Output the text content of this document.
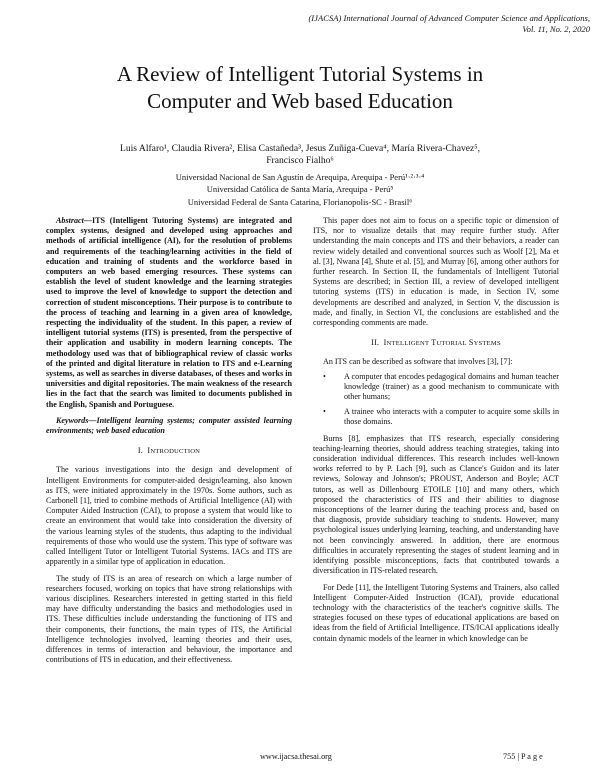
(IJACSA) International Journal of Advanced Computer Science and Applications,
Vol. 11, No. 2, 2020
A Review of Intelligent Tutorial Systems in
Computer and Web based Education
Luis Alfaro¹, Claudia Rivera², Elisa Castañeda³, Jesus Zuñiga-Cueva⁴, María Rivera-Chavez⁵,
Francisco Fialho⁶
Universidad Nacional de San Agustín de Arequipa, Arequipa - Perú¹·²·³·⁴
Universidad Católica de Santa María, Arequipa - Perú⁵
Universidad Federal de Santa Catarina, Florianopolis-SC - Brasil⁶

Abstract—ITS (Intelligent Tutoring Systems) are integrated and complex systems, designed and developed using approaches and methods of artificial intelligence (AI), for the resolution of problems and requirements of the teaching/learning activities in the field of education and training of students and the workforce based in computers an web based emerging resources. These systems can establish the level of student knowledge and the learning strategies used to improve the level of knowledge to support the detection and correction of student misconceptions. Their purpose is to contribute to the process of teaching and learning in a given area of knowledge, respecting the individuality of the student. In this paper, a review of intelligent tutorial systems (ITS) is presented, from the perspective of their application and usability in modern learning concepts. The methodology used was that of bibliographical review of classic works of the printed and digital literature in relation to ITS and e-Learning systems, as well as searches in diverse databases, of theses and works in universities and digital repositories. The main weakness of the research lies in the fact that the search was limited to documents published in the English, Spanish and Portuguese.

Keywords—Intelligent learning systems; computer assisted learning environments; web based education

I. INTRODUCTION

The various investigations into the design and development of Intelligent Environments for computer-aided design/learning, also known as ITS, were initiated approximately in the 1970s. Some authors, such as Carbonell [1], tried to combine methods of Artificial Intelligence (AI) with Computer Aided Instruction (CAI), to propose a system that would like to create an environment that would take into consideration the diversity of the various learning styles of the students, thus adapting to the individual requirements of those who would use the system. This type of software was called Intelligent Tutor or Intelligent Tutorial Systems. IACs and ITS are apparently in a similar type of application in education.

The study of ITS is an area of research on which a large number of researchers focused, working on topics that have strong relationships with various disciplines. Researchers interested in getting started in this field may have difficulty understanding the basics and methodologies used in ITS. These difficulties include understanding the functioning of ITS and their components, their functions, the main types of ITS, the Artificial Intelligence technologies involved, learning theories and their uses, differences in terms of interaction and behaviour, the importance and contributions of ITS in education, and their effectiveness.

This paper does not aim to focus on a specific topic or dimension of ITS, nor to visualize details that may require further study. After understanding the main concepts and ITS and their behaviors, a reader can review widely detailed and conventional sources such as Woolf [2], Ma et al. [3], Nwana [4], Shute et al. [5], and Murray [6], among other authors for further research. In Section II, the fundamentals of Intelligent Tutorial Systems are described; in Section III, a review of developed intelligent tutoring systems (ITS) in education is made, in Section IV, some developments are described and analyzed, in Section V, the discussion is made, and finally, in Section VI, the conclusions are established and the corresponding comments are made.

II. INTELLIGENT TUTORIAL SYSTEMS

An ITS can be described as software that involves [3], [7]:

• A computer that encodes pedagogical domains and human teacher knowledge (trainer) as a good mechanism to communicate with other humans;
• A trainee who interacts with a computer to acquire some skills in those domains.

Burns [8], emphasizes that ITS research, especially considering teaching-learning theories, should address teaching strategies, taking into consideration individual differences. This research includes well-known works referred to by P. Lach [9], such as Clance's Guidon and its later reviews, Soloway and Johnson's; PROUST, Anderson and Boyle; ACT tutors, as well as Dillenbourg ETOILE [10] and many others, which proposed the characteristics of ITS and their abilities to diagnose misconceptions of the learner during the teaching process and, based on that diagnosis, provide subsidiary teaching to students. However, many psychological issues underlying learning, teaching, and understanding have not been convincingly answered. In addition, there are enormous difficulties in accurately representing the stages of student learning and in identifying possible misconceptions, facts that contributed towards a diversification in ITS-related research.

For Dede [11], the Intelligent Tutoring Systems and Trainers, also called Intelligent Computer-Aided Instruction (ICAI), provide educational technology with the characteristics of the teacher's cognitive skills. The strategies focused on these types of educational applications are based on ideas from the field of Artificial Intelligence. ITS/ICAI applications ideally contain dynamic models of the learner in which knowledge can be

www.ijacsa.thesai.org	755 | P a g e
